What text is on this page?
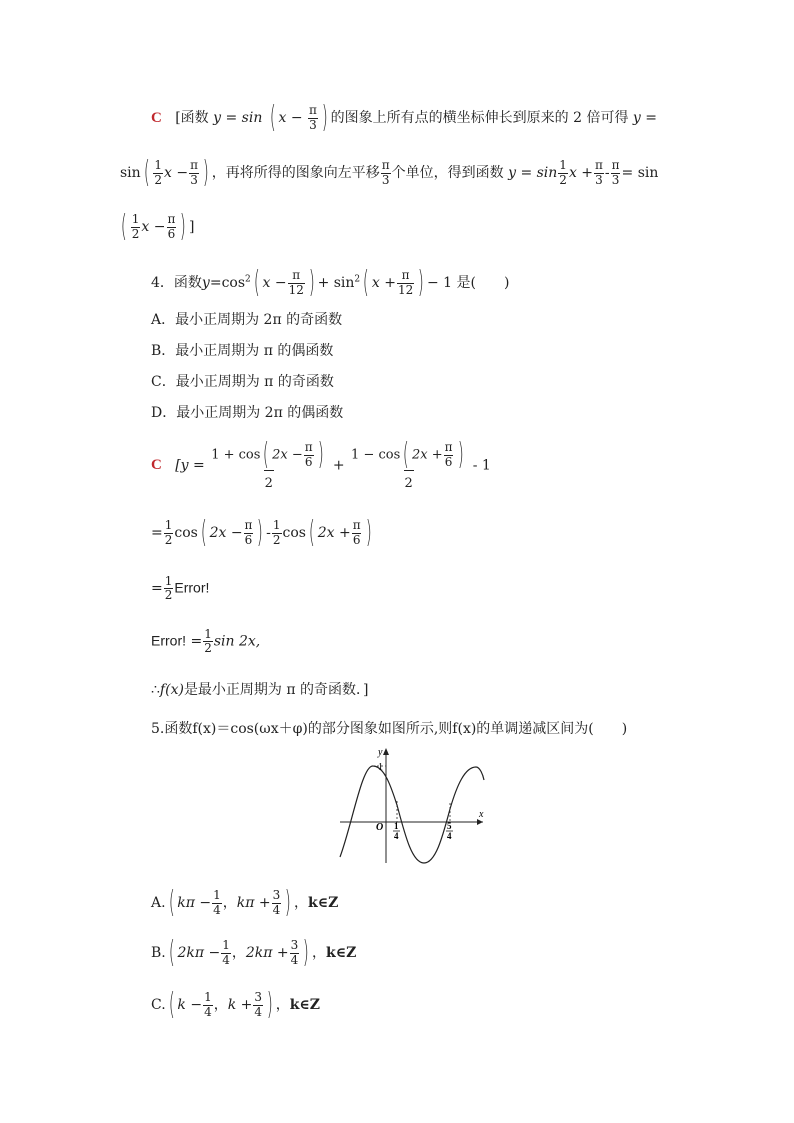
C [函数 y = sin ( $x - \frac{\pi}{3}$ ) 的图象上所有点的横坐标伸长到原来的 2 倍可得 y =
$\sin( \frac{1}{2}$ $x - \frac{\pi}{3}$ ) ，再将所得的图象向左平移 $\frac{\pi}{3}$ 个单位，得到函数 $y = \sin \frac{1}{2}$ $x + \frac{\pi}{3} - \frac{\pi}{3} = \sin$
( $\frac{1}{2}$ $x - \frac{\pi}{6}$ ) ]
4．函数$y=\cos^2$( $x - \frac{\pi}{12}$ ) + $\sin^2$( $x + \frac{\pi}{12}$ ) − 1 是(　　)
A．最小正周期为 2π 的奇函数
B．最小正周期为 π 的偶函数
C．最小正周期为 π 的奇函数
D．最小正周期为 2π 的偶函数
C [$y = \frac{1 + \cos( 2x - \frac{\pi}{6} )}{2} + \frac{1 - \cos( 2x + \frac{\pi}{6} )}{2} - 1$
= $\frac{1}{2} \cos$( $2x - \frac{\pi}{6}$ ) - $\frac{1}{2} \cos$( $2x + \frac{\pi}{6}$ )
= $\frac{1}{2}$ Error!
Error! = $\frac{1}{2}$ sin 2x,
∴f(x)是最小正周期为 π 的奇函数．]
5.函数f(x)＝cos(ωx＋φ)的部分图象如图所示,则f(x)的单调递减区间为(　　)
y
x
O
1
1
4
5
4
A.( $k\pi - \frac{1}{4}$ ，$k\pi + \frac{3}{4}$ ) ，k∈Z
B.( $2k\pi - \frac{1}{4}$ ，$2k\pi + \frac{3}{4}$ ) ，k∈Z
C.( $k - \frac{1}{4}$ ，$k + \frac{3}{4}$ ) ，k∈Z
